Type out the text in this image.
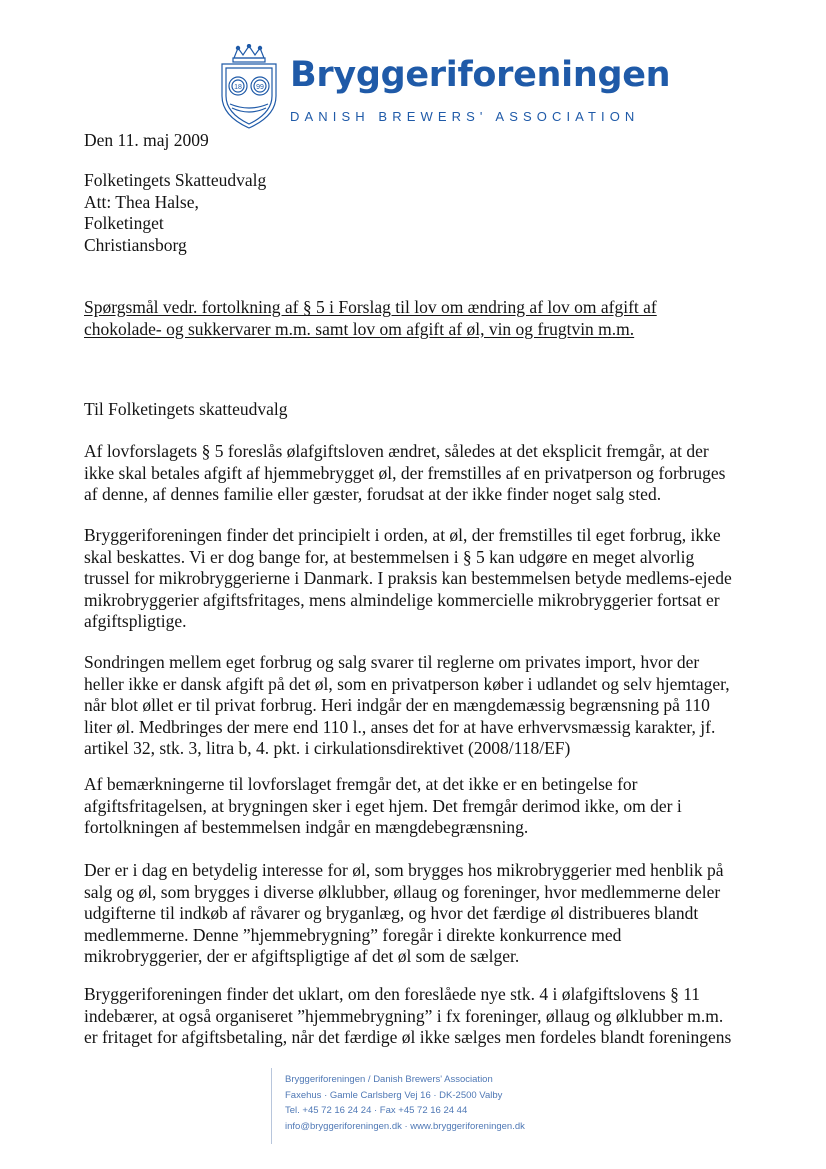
18 99 Bryggeriforeningen
DANISH BREWERS' ASSOCIATION
Den 11. maj 2009
Folketingets Skatteudvalg
Att: Thea Halse,
Folketinget
Christiansborg
Spørgsmål vedr. fortolkning af § 5 i Forslag til lov om ændring af lov om afgift af
chokolade- og sukkervarer m.m. samt lov om afgift af øl, vin og frugtvin m.m.
Til Folketingets skatteudvalg
Af lovforslagets § 5 foreslås ølafgiftsloven ændret, således at det eksplicit fremgår, at der
ikke skal betales afgift af hjemmebrygget øl, der fremstilles af en privatperson og forbruges
af denne, af dennes familie eller gæster, forudsat at der ikke finder noget salg sted.
Bryggeriforeningen finder det principielt i orden, at øl, der fremstilles til eget forbrug, ikke
skal beskattes. Vi er dog bange for, at bestemmelsen i § 5 kan udgøre en meget alvorlig
trussel for mikrobryggerierne i Danmark. I praksis kan bestemmelsen betyde medlems-ejede
mikrobryggerier afgiftsfritages, mens almindelige kommercielle mikrobryggerier fortsat er
afgiftspligtige.
Sondringen mellem eget forbrug og salg svarer til reglerne om privates import, hvor der
heller ikke er dansk afgift på det øl, som en privatperson køber i udlandet og selv hjemtager,
når blot øllet er til privat forbrug. Heri indgår der en mængdemæssig begrænsning på 110
liter øl. Medbringes der mere end 110 l., anses det for at have erhvervsmæssig karakter, jf.
artikel 32, stk. 3, litra b, 4. pkt. i cirkulationsdirektivet (2008/118/EF)
Af bemærkningerne til lovforslaget fremgår det, at det ikke er en betingelse for
afgiftsfritagelsen, at brygningen sker i eget hjem. Det fremgår derimod ikke, om der i
fortolkningen af bestemmelsen indgår en mængdebegrænsning.
Der er i dag en betydelig interesse for øl, som brygges hos mikrobryggerier med henblik på
salg og øl, som brygges i diverse ølklubber, øllaug og foreninger, hvor medlemmerne deler
udgifterne til indkøb af råvarer og bryganlæg, og hvor det færdige øl distribueres blandt
medlemmerne. Denne ”hjemmebrygning” foregår i direkte konkurrence med
mikrobryggerier, der er afgiftspligtige af det øl som de sælger.
Bryggeriforeningen finder det uklart, om den foreslåede nye stk. 4 i ølafgiftslovens § 11
indebærer, at også organiseret ”hjemmebrygning” i fx foreninger, øllaug og ølklubber m.m.
er fritaget for afgiftsbetaling, når det færdige øl ikke sælges men fordeles blandt foreningens
Bryggeriforeningen / Danish Brewers' Association
Faxehus · Gamle Carlsberg Vej 16 · DK-2500 Valby
Tel. +45 72 16 24 24 · Fax +45 72 16 24 44
info@bryggeriforeningen.dk · www.bryggeriforeningen.dk
